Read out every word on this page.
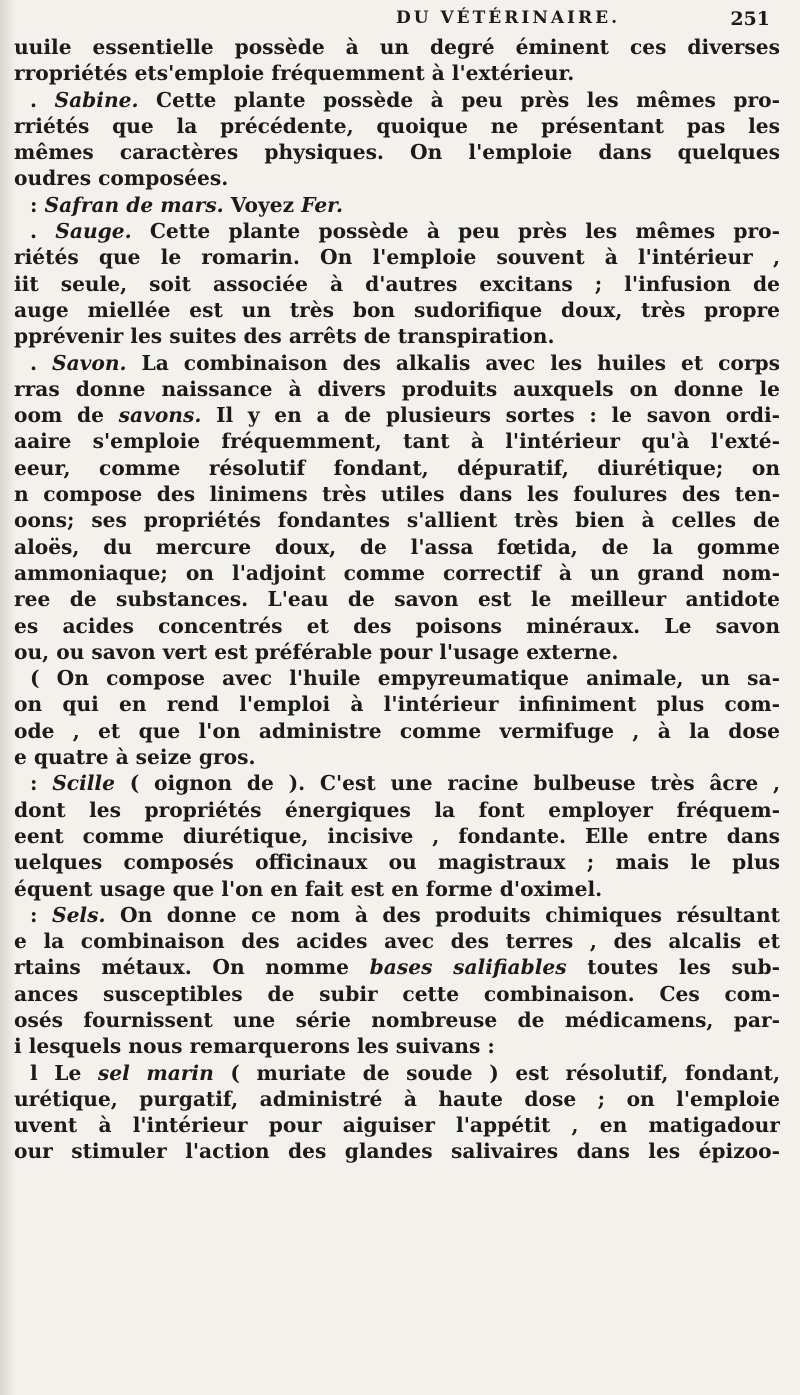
DU VÉTÉRINAIRE.	251
uuile essentielle possède à un degré éminent ces diverses
rropriétés ets'emploie fréquemment à l'extérieur.
. Sabine. Cette plante possède à peu près les mêmes pro-
rriétés que la précédente, quoique ne présentant pas les
mêmes caractères physiques. On l'emploie dans quelques
oudres composées.
: Safran de mars. Voyez Fer.
. Sauge. Cette plante possède à peu près les mêmes pro-
riétés que le romarin. On l'emploie souvent à l'intérieur ,
iit seule, soit associée à d'autres excitans ; l'infusion de
auge miellée est un très bon sudorifique doux, très propre
pprévenir les suites des arrêts de transpiration.
. Savon. La combinaison des alkalis avec les huiles et corps
rras donne naissance à divers produits auxquels on donne le
oom de savons. Il y en a de plusieurs sortes : le savon ordi-
aaire s'emploie fréquemment, tant à l'intérieur qu'à l'exté-
eeur, comme résolutif fondant, dépuratif, diurétique; on
n compose des linimens très utiles dans les foulures des ten-
oons; ses propriétés fondantes s'allient très bien à celles de
aloës, du mercure doux, de l'assa fœtida, de la gomme
ammoniaque; on l'adjoint comme correctif à un grand nom-
ree de substances. L'eau de savon est le meilleur antidote
es acides concentrés et des poisons minéraux. Le savon
ou, ou savon vert est préférable pour l'usage externe.
( On compose avec l'huile empyreumatique animale, un sa-
on qui en rend l'emploi à l'intérieur infiniment plus com-
ode , et que l'on administre comme vermifuge , à la dose
e quatre à seize gros.
: Scille ( oignon de ). C'est une racine bulbeuse très âcre ,
dont les propriétés énergiques la font employer fréquem-
eent comme diurétique, incisive , fondante. Elle entre dans
uelques composés officinaux ou magistraux ; mais le plus
équent usage que l'on en fait est en forme d'oximel.
: Sels. On donne ce nom à des produits chimiques résultant
e la combinaison des acides avec des terres , des alcalis et
rtains métaux. On nomme bases salifiables toutes les sub-
ances susceptibles de subir cette combinaison. Ces com-
osés fournissent une série nombreuse de médicamens, par-
i lesquels nous remarquerons les suivans :
l Le sel marin ( muriate de soude ) est résolutif, fondant,
urétique, purgatif, administré à haute dose ; on l'emploie
uvent à l'intérieur pour aiguiser l'appétit , en matigadour
our stimuler l'action des glandes salivaires dans les épizoo-
